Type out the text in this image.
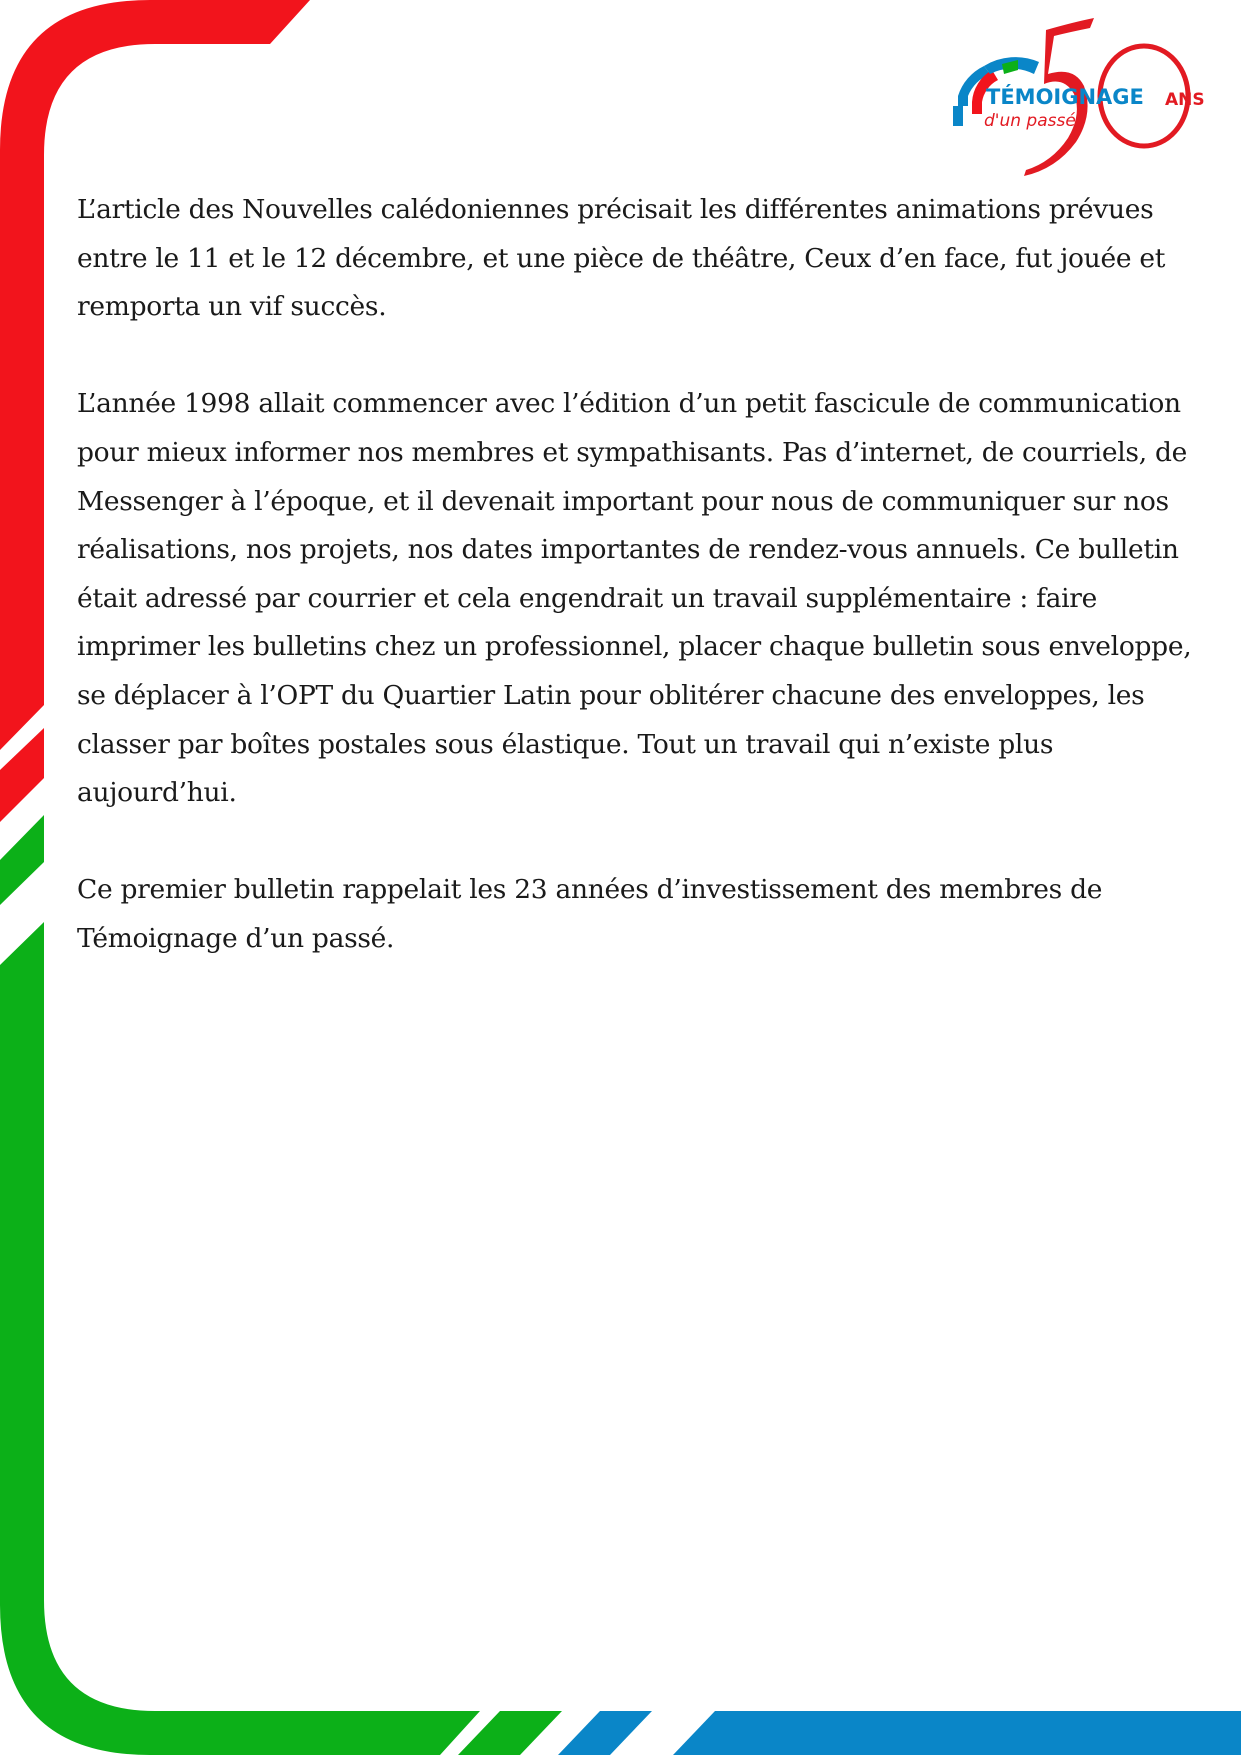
TÉMOIGNAGE
d'un passé
ANS

L’article des Nouvelles calédoniennes précisait les différentes animations prévues entre le 11 et le 12 décembre, et une pièce de théâtre, Ceux d’en face, fut jouée et remporta un vif succès.

L’année 1998 allait commencer avec l’édition d’un petit fascicule de communication pour mieux informer nos membres et sympathisants. Pas d’internet, de courriels, de Messenger à l’époque, et il devenait important pour nous de communiquer sur nos réalisations, nos projets, nos dates importantes de rendez-vous annuels. Ce bulletin était adressé par courrier et cela engendrait un travail supplémentaire : faire imprimer les bulletins chez un professionnel, placer chaque bulletin sous enveloppe, se déplacer à l’OPT du Quartier Latin pour oblitérer chacune des enveloppes, les classer par boîtes postales sous élastique. Tout un travail qui n’existe plus aujourd’hui.

Ce premier bulletin rappelait les 23 années d’investissement des membres de Témoignage d’un passé.
